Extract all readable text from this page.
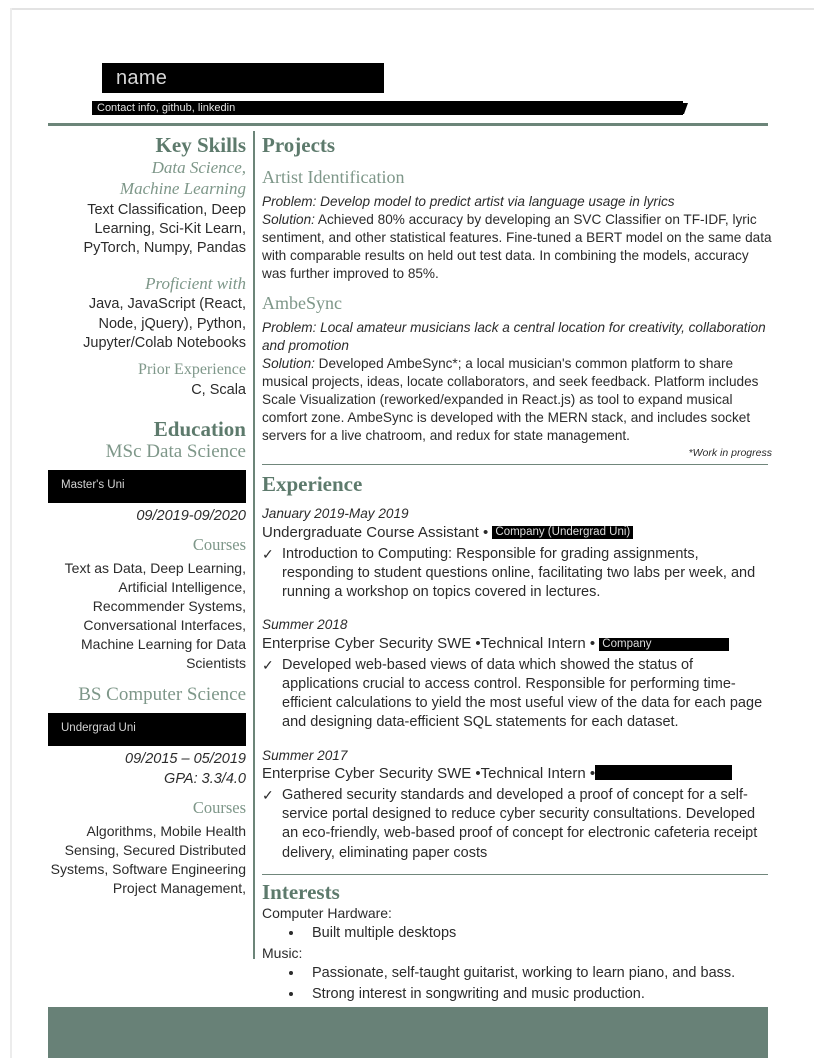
name
Contact info, github, linkedin
Key Skills
Data Science,
Machine Learning
Text Classification, Deep Learning, Sci-Kit Learn, PyTorch, Numpy, Pandas
Proficient with
Java, JavaScript (React, Node, jQuery), Python, Jupyter/Colab Notebooks
Prior Experience
C, Scala
Education
MSc Data Science
Master's Uni
09/2019-09/2020
Courses
Text as Data, Deep Learning, Artificial Intelligence, Recommender Systems, Conversational Interfaces, Machine Learning for Data Scientists
BS Computer Science
Undergrad Uni
09/2015 – 05/2019
GPA: 3.3/4.0
Courses
Algorithms, Mobile Health Sensing, Secured Distributed Systems, Software Engineering Project Management,
Projects
Artist Identification
Problem: Develop model to predict artist via language usage in lyrics
Solution: Achieved 80% accuracy by developing an SVC Classifier on TF-IDF, lyric sentiment, and other statistical features. Fine-tuned a BERT model on the same data with comparable results on held out test data. In combining the models, accuracy was further improved to 85%.
AmbeSync
Problem: Local amateur musicians lack a central location for creativity, collaboration and promotion
Solution: Developed AmbeSync*; a local musician's common platform to share musical projects, ideas, locate collaborators, and seek feedback. Platform includes Scale Visualization (reworked/expanded in React.js) as tool to expand musical comfort zone. AmbeSync is developed with the MERN stack, and includes socket servers for a live chatroom, and redux for state management.
*Work in progress
Experience
January 2019-May 2019
Undergraduate Course Assistant • Company (Undergrad Uni)
✓ Introduction to Computing: Responsible for grading assignments, responding to student questions online, facilitating two labs per week, and running a workshop on topics covered in lectures.
Summer 2018
Enterprise Cyber Security SWE •Technical Intern • Company
✓ Developed web-based views of data which showed the status of applications crucial to access control. Responsible for performing time-efficient calculations to yield the most useful view of the data for each page and designing data-efficient SQL statements for each dataset.
Summer 2017
Enterprise Cyber Security SWE •Technical Intern •
✓ Gathered security standards and developed a proof of concept for a self-service portal designed to reduce cyber security consultations. Developed an eco-friendly, web-based proof of concept for electronic cafeteria receipt delivery, eliminating paper costs
Interests
Computer Hardware:
• Built multiple desktops
Music:
• Passionate, self-taught guitarist, working to learn piano, and bass.
• Strong interest in songwriting and music production.
